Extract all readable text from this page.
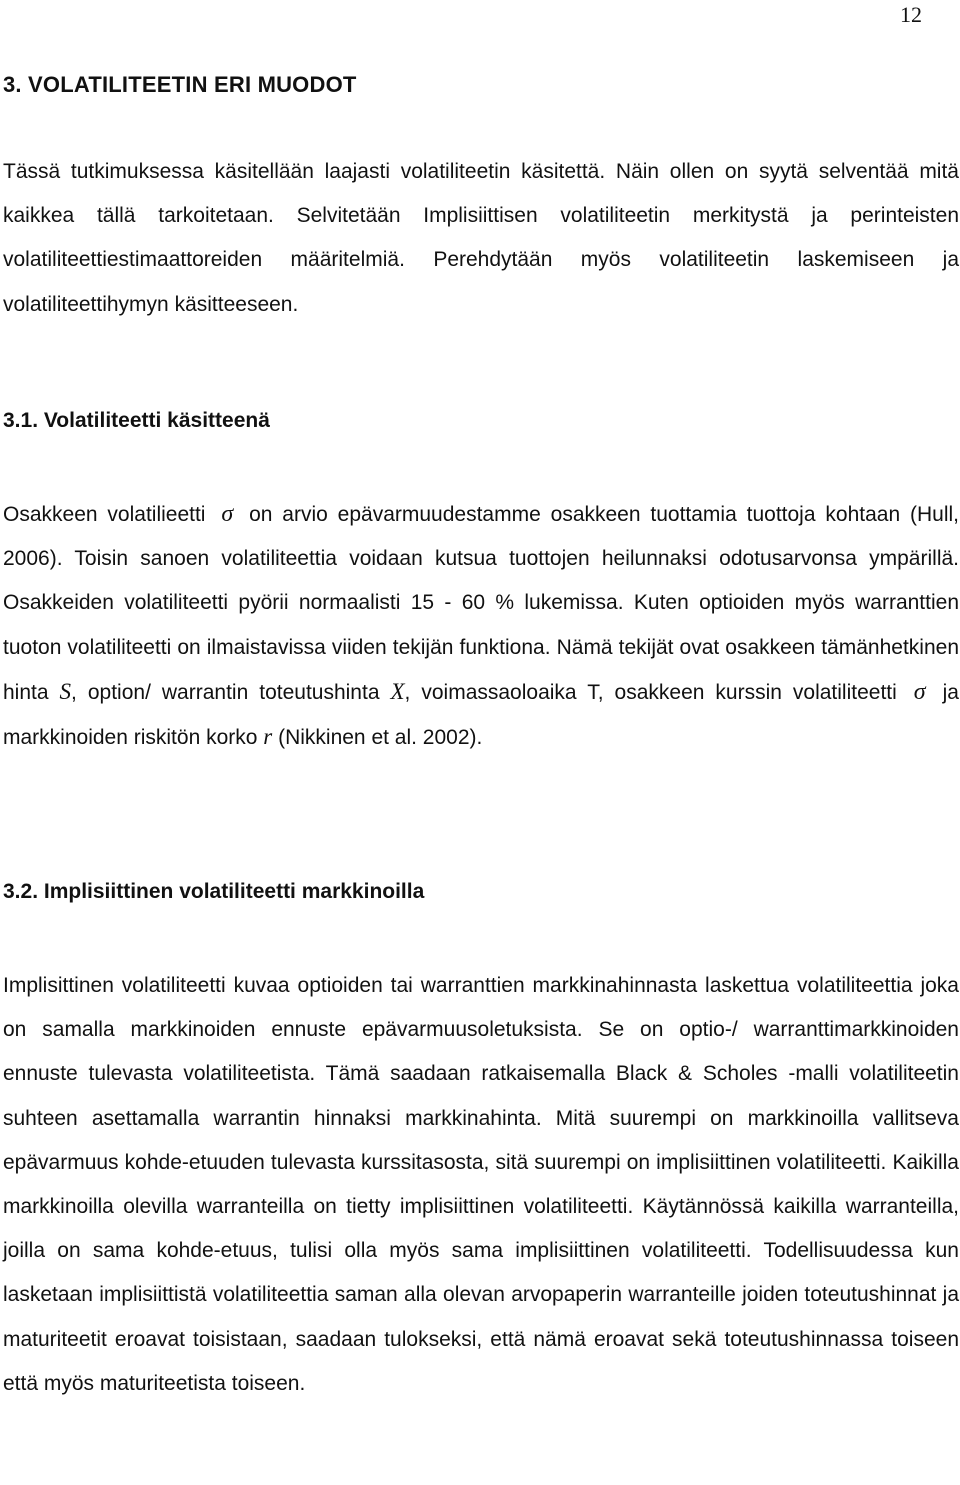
12
3. VOLATILITEETIN ERI MUODOT

Tässä tutkimuksessa käsitellään laajasti volatiliteetin käsitettä. Näin ollen on syytä selventää mitä kaikkea tällä tarkoitetaan. Selvitetään Implisiittisen volatiliteetin merkitystä ja perinteisten volatiliteettiestimaattoreiden määritelmiä. Perehdytään myös volatiliteetin laskemiseen ja volatiliteettihymyn käsitteeseen.

3.1. Volatiliteetti käsitteenä

Osakkeen volatilieetti σ on arvio epävarmuudestamme osakkeen tuottamia tuottoja kohtaan (Hull, 2006). Toisin sanoen volatiliteettia voidaan kutsua tuottojen heilunnaksi odotusarvonsa ympärillä. Osakkeiden volatiliteetti pyörii normaalisti 15 - 60 % lukemissa. Kuten optioiden myös warranttien tuoton volatiliteetti on ilmaistavissa viiden tekijän funktiona. Nämä tekijät ovat osakkeen tämänhetkinen hinta S, option/ warrantin toteutushinta X, voimassaoloaika T, osakkeen kurssin volatiliteetti σ ja markkinoiden riskitön korko r (Nikkinen et al. 2002).

3.2. Implisiittinen volatiliteetti markkinoilla

Implisittinen volatiliteetti kuvaa optioiden tai warranttien markkinahinnasta laskettua volatiliteettia joka on samalla markkinoiden ennuste epävarmuusoletuksista. Se on optio-/ warranttimarkkinoiden ennuste tulevasta volatiliteetista. Tämä saadaan ratkaisemalla Black & Scholes -malli volatiliteetin suhteen asettamalla warrantin hinnaksi markkinahinta. Mitä suurempi on markkinoilla vallitseva epävarmuus kohde-etuuden tulevasta kurssitasosta, sitä suurempi on implisiittinen volatiliteetti. Kaikilla markkinoilla olevilla warranteilla on tietty implisiittinen volatiliteetti. Käytännössä kaikilla warranteilla, joilla on sama kohde-etuus, tulisi olla myös sama implisiittinen volatiliteetti. Todellisuudessa kun lasketaan implisiittistä volatiliteettia saman alla olevan arvopaperin warranteille joiden toteutushinnat ja maturiteetit eroavat toisistaan, saadaan tulokseksi, että nämä eroavat sekä toteutushinnassa toiseen että myös maturiteetista toiseen.
